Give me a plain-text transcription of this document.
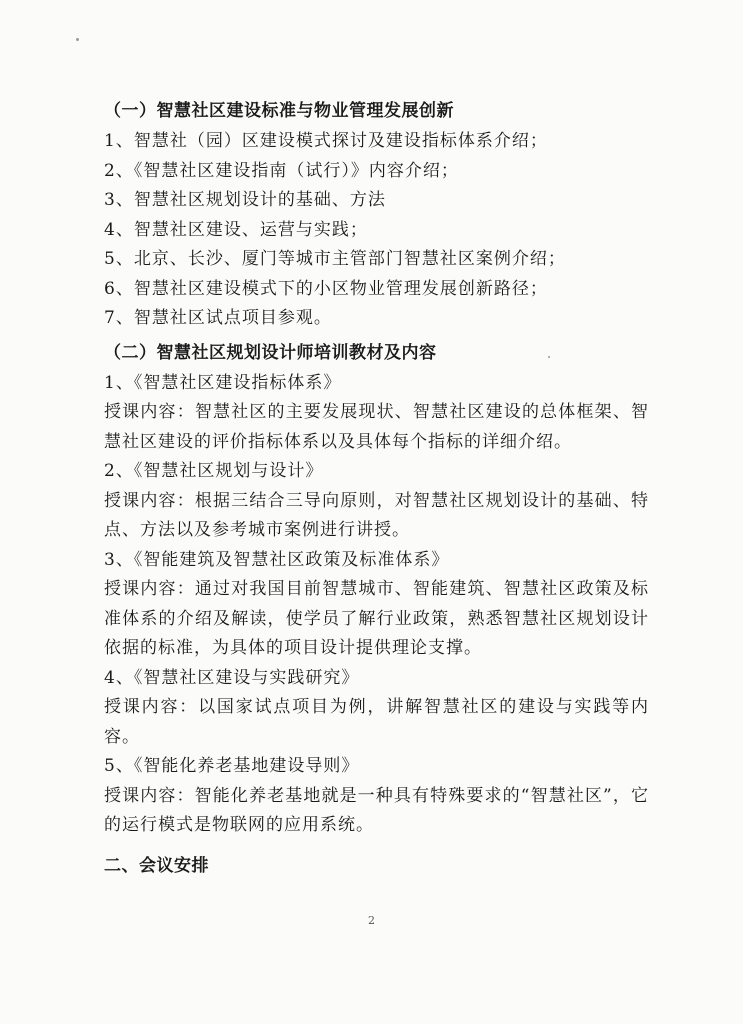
（一）智慧社区建设标准与物业管理发展创新
1、智慧社（园）区建设模式探讨及建设指标体系介绍；
2、《智慧社区建设指南（试行）》内容介绍；
3、智慧社区规划设计的基础、方法
4、智慧社区建设、运营与实践；
5、北京、长沙、厦门等城市主管部门智慧社区案例介绍；
6、智慧社区建设模式下的小区物业管理发展创新路径；
7、智慧社区试点项目参观。
（二）智慧社区规划设计师培训教材及内容
1、《智慧社区建设指标体系》
授课内容：智慧社区的主要发展现状、智慧社区建设的总体框架、智慧社区建设的评价指标体系以及具体每个指标的详细介绍。
2、《智慧社区规划与设计》
授课内容：根据三结合三导向原则，对智慧社区规划设计的基础、特点、方法以及参考城市案例进行讲授。
3、《智能建筑及智慧社区政策及标准体系》
授课内容：通过对我国目前智慧城市、智能建筑、智慧社区政策及标准体系的介绍及解读，使学员了解行业政策，熟悉智慧社区规划设计依据的标准，为具体的项目设计提供理论支撑。
4、《智慧社区建设与实践研究》
授课内容：以国家试点项目为例，讲解智慧社区的建设与实践等内容。
5、《智能化养老基地建设导则》
授课内容：智能化养老基地就是一种具有特殊要求的“智慧社区”，它的运行模式是物联网的应用系统。
二、会议安排
2
